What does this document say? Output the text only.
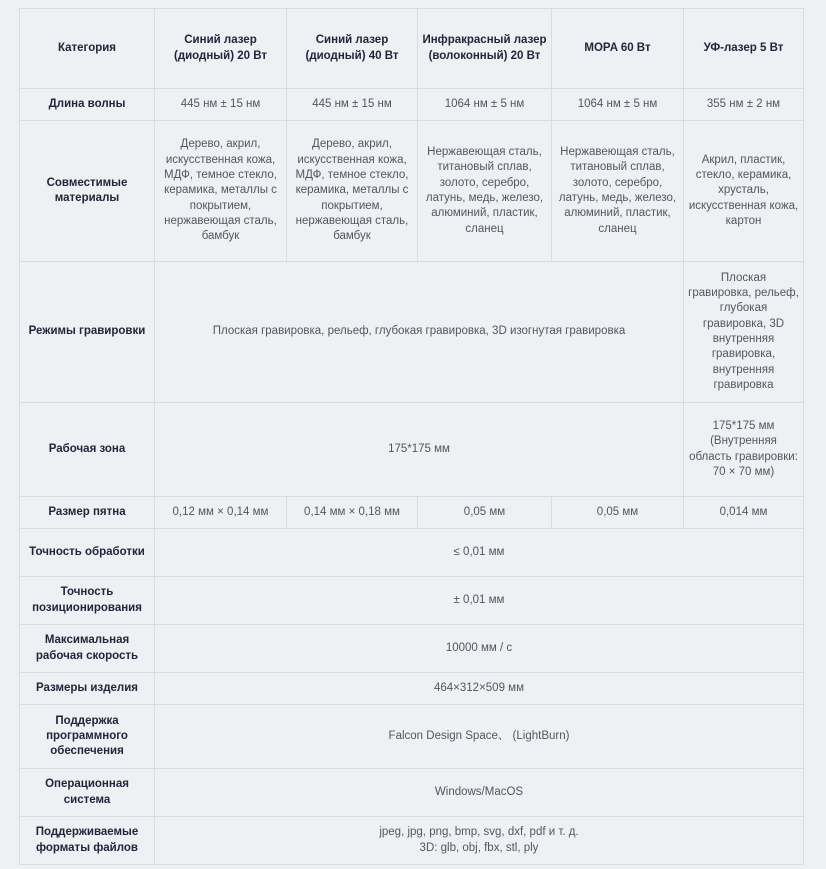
Категория	Синий лазер (диодный) 20 Вт	Синий лазер (диодный) 40 Вт	Инфракрасный лазер (волоконный) 20 Вт	MOPA 60 Вт	УФ-лазер 5 Вт
Длина волны	445 нм ± 15 нм	445 нм ± 15 нм	1064 нм ± 5 нм	1064 нм ± 5 нм	355 нм ± 2 нм
Совместимые материалы	Дерево, акрил, искусственная кожа, МДФ, темное стекло, керамика, металлы с покрытием, нержавеющая сталь, бамбук	Дерево, акрил, искусственная кожа, МДФ, темное стекло, керамика, металлы с покрытием, нержавеющая сталь, бамбук	Нержавеющая сталь, титановый сплав, золото, серебро, латунь, медь, железо, алюминий, пластик, сланец	Нержавеющая сталь, титановый сплав, золото, серебро, латунь, медь, железо, алюминий, пластик, сланец	Акрил, пластик, стекло, керамика, хрусталь, искусственная кожа, картон
Режимы гравировки	Плоская гравировка, рельеф, глубокая гравировка, 3D изогнутая гравировка				Плоская гравировка, рельеф, глубокая гравировка, 3D внутренняя гравировка, внутренняя гравировка
Рабочая зона	175*175 мм				175*175 мм (Внутренняя область гравировки: 70 × 70 мм)
Размер пятна	0,12 мм × 0,14 мм	0,14 мм × 0,18 мм	0,05 мм	0,05 мм	0,014 мм
Точность обработки	≤ 0,01 мм				
Точность позиционирования	± 0,01 мм				
Максимальная рабочая скорость	10000 мм / с				
Размеры изделия	464×312×509 мм				
Поддержка программного обеспечения	Falcon Design Space、 (LightBurn)				
Операционная система	Windows/MacOS				
Поддерживаемые форматы файлов	jpeg, jpg, png, bmp, svg, dxf, pdf и т. д.
3D: glb, obj, fbx, stl, ply				
